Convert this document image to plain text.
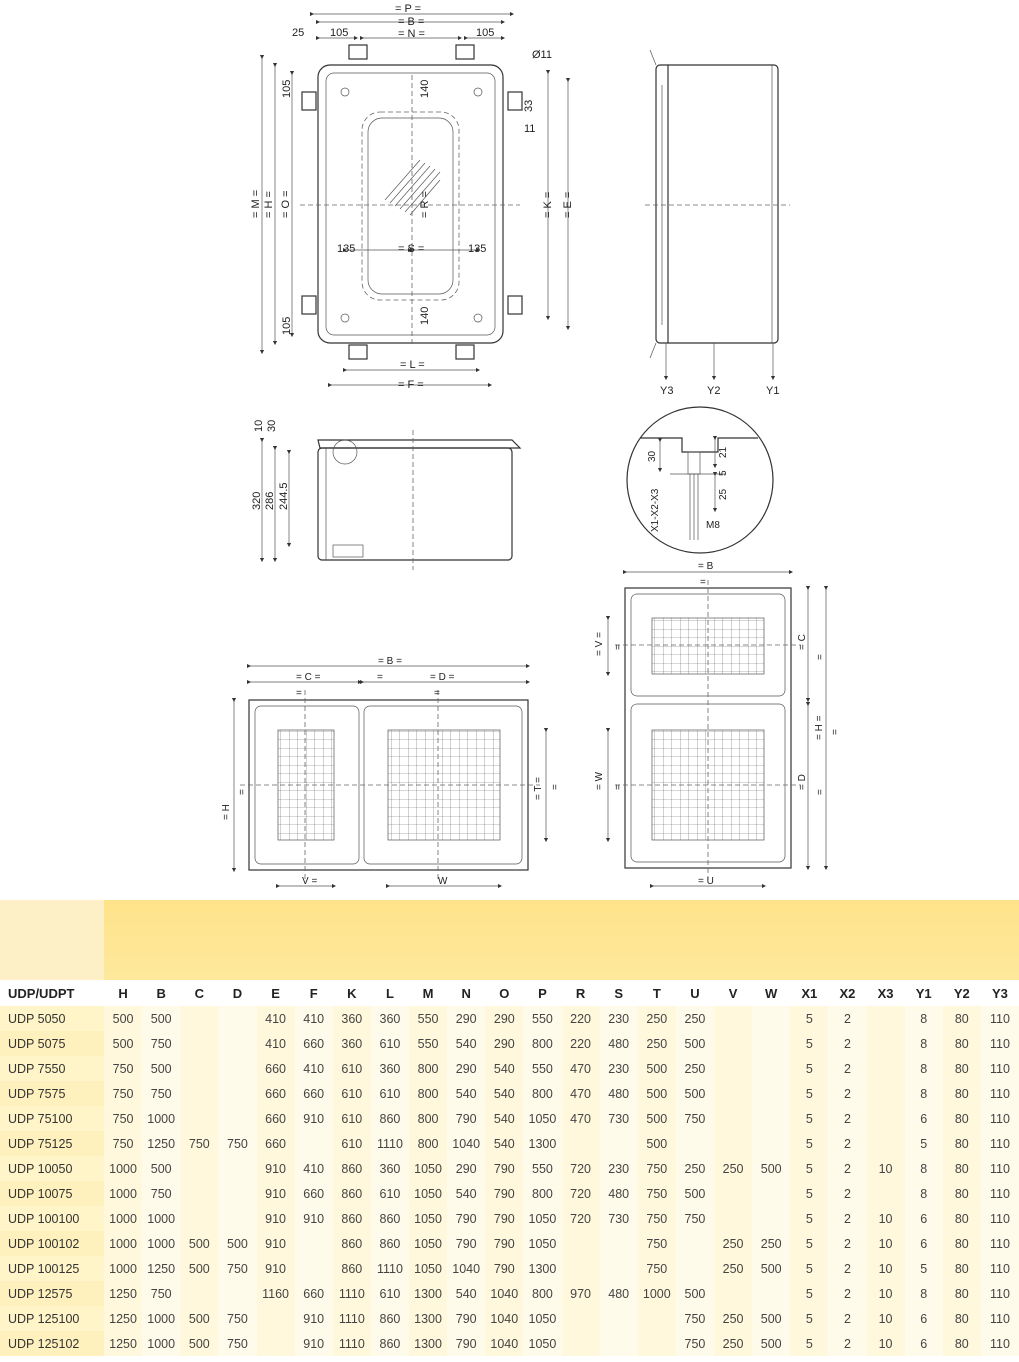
= P =
= B =
105	= N =	105
25
Ø11
33
11
105
105
= M = = H = = O =
140
140
= R =
135	= S =	135
= K = = E =
= L =
= F =	Y3	Y2	Y1
10 30
320 286 244.5
30	21
5
25
M8
X1-X2-X3
= B =
= C =	=	= D =
=	=
= H
=
=
= T =
V =	W
= B
=
= V = =	= C
=
= H = =
= W =	= D
=
= U
UDP/UDPT	H	B	C	D	E	F	K	L	M	N	O	P	R	S	T	U	V	W	X1	X2	X3	Y1	Y2	Y3
UDP 5050	500	500			410	410	360	360	550	290	290	550	220	230	250	250			5	2		8	80	110
UDP 5075	500	750			410	660	360	610	550	540	290	800	220	480	250	500			5	2		8	80	110
UDP 7550	750	500			660	410	610	360	800	290	540	550	470	230	500	250			5	2		8	80	110
UDP 7575	750	750			660	660	610	610	800	540	540	800	470	480	500	500			5	2		8	80	110
UDP 75100	750	1000			660	910	610	860	800	790	540	1050	470	730	500	750			5	2		6	80	110
UDP 75125	750	1250	750	750	660		610	1110	800	1040	540	1300			500				5	2		5	80	110
UDP 10050	1000	500			910	410	860	360	1050	290	790	550	720	230	750	250	250	500	5	2	10	8	80	110
UDP 10075	1000	750			910	660	860	610	1050	540	790	800	720	480	750	500			5	2		8	80	110
UDP 100100	1000	1000			910	910	860	860	1050	790	790	1050	720	730	750	750			5	2	10	6	80	110
UDP 100102	1000	1000	500	500	910		860	860	1050	790	790	1050			750		250	250	5	2	10	6	80	110
UDP 100125	1000	1250	500	750	910		860	1110	1050	1040	790	1300			750		250	500	5	2	10	5	80	110
UDP 12575	1250	750			1160	660	1110	610	1300	540	1040	800	970	480	1000	500			5	2	10	8	80	110
UDP 125100	1250	1000	500	750		910	1110	860	1300	790	1040	1050				750	250	500	5	2	10	6	80	110
UDP 125102	1250	1000	500	750		910	1110	860	1300	790	1040	1050				750	250	500	5	2	10	6	80	110
